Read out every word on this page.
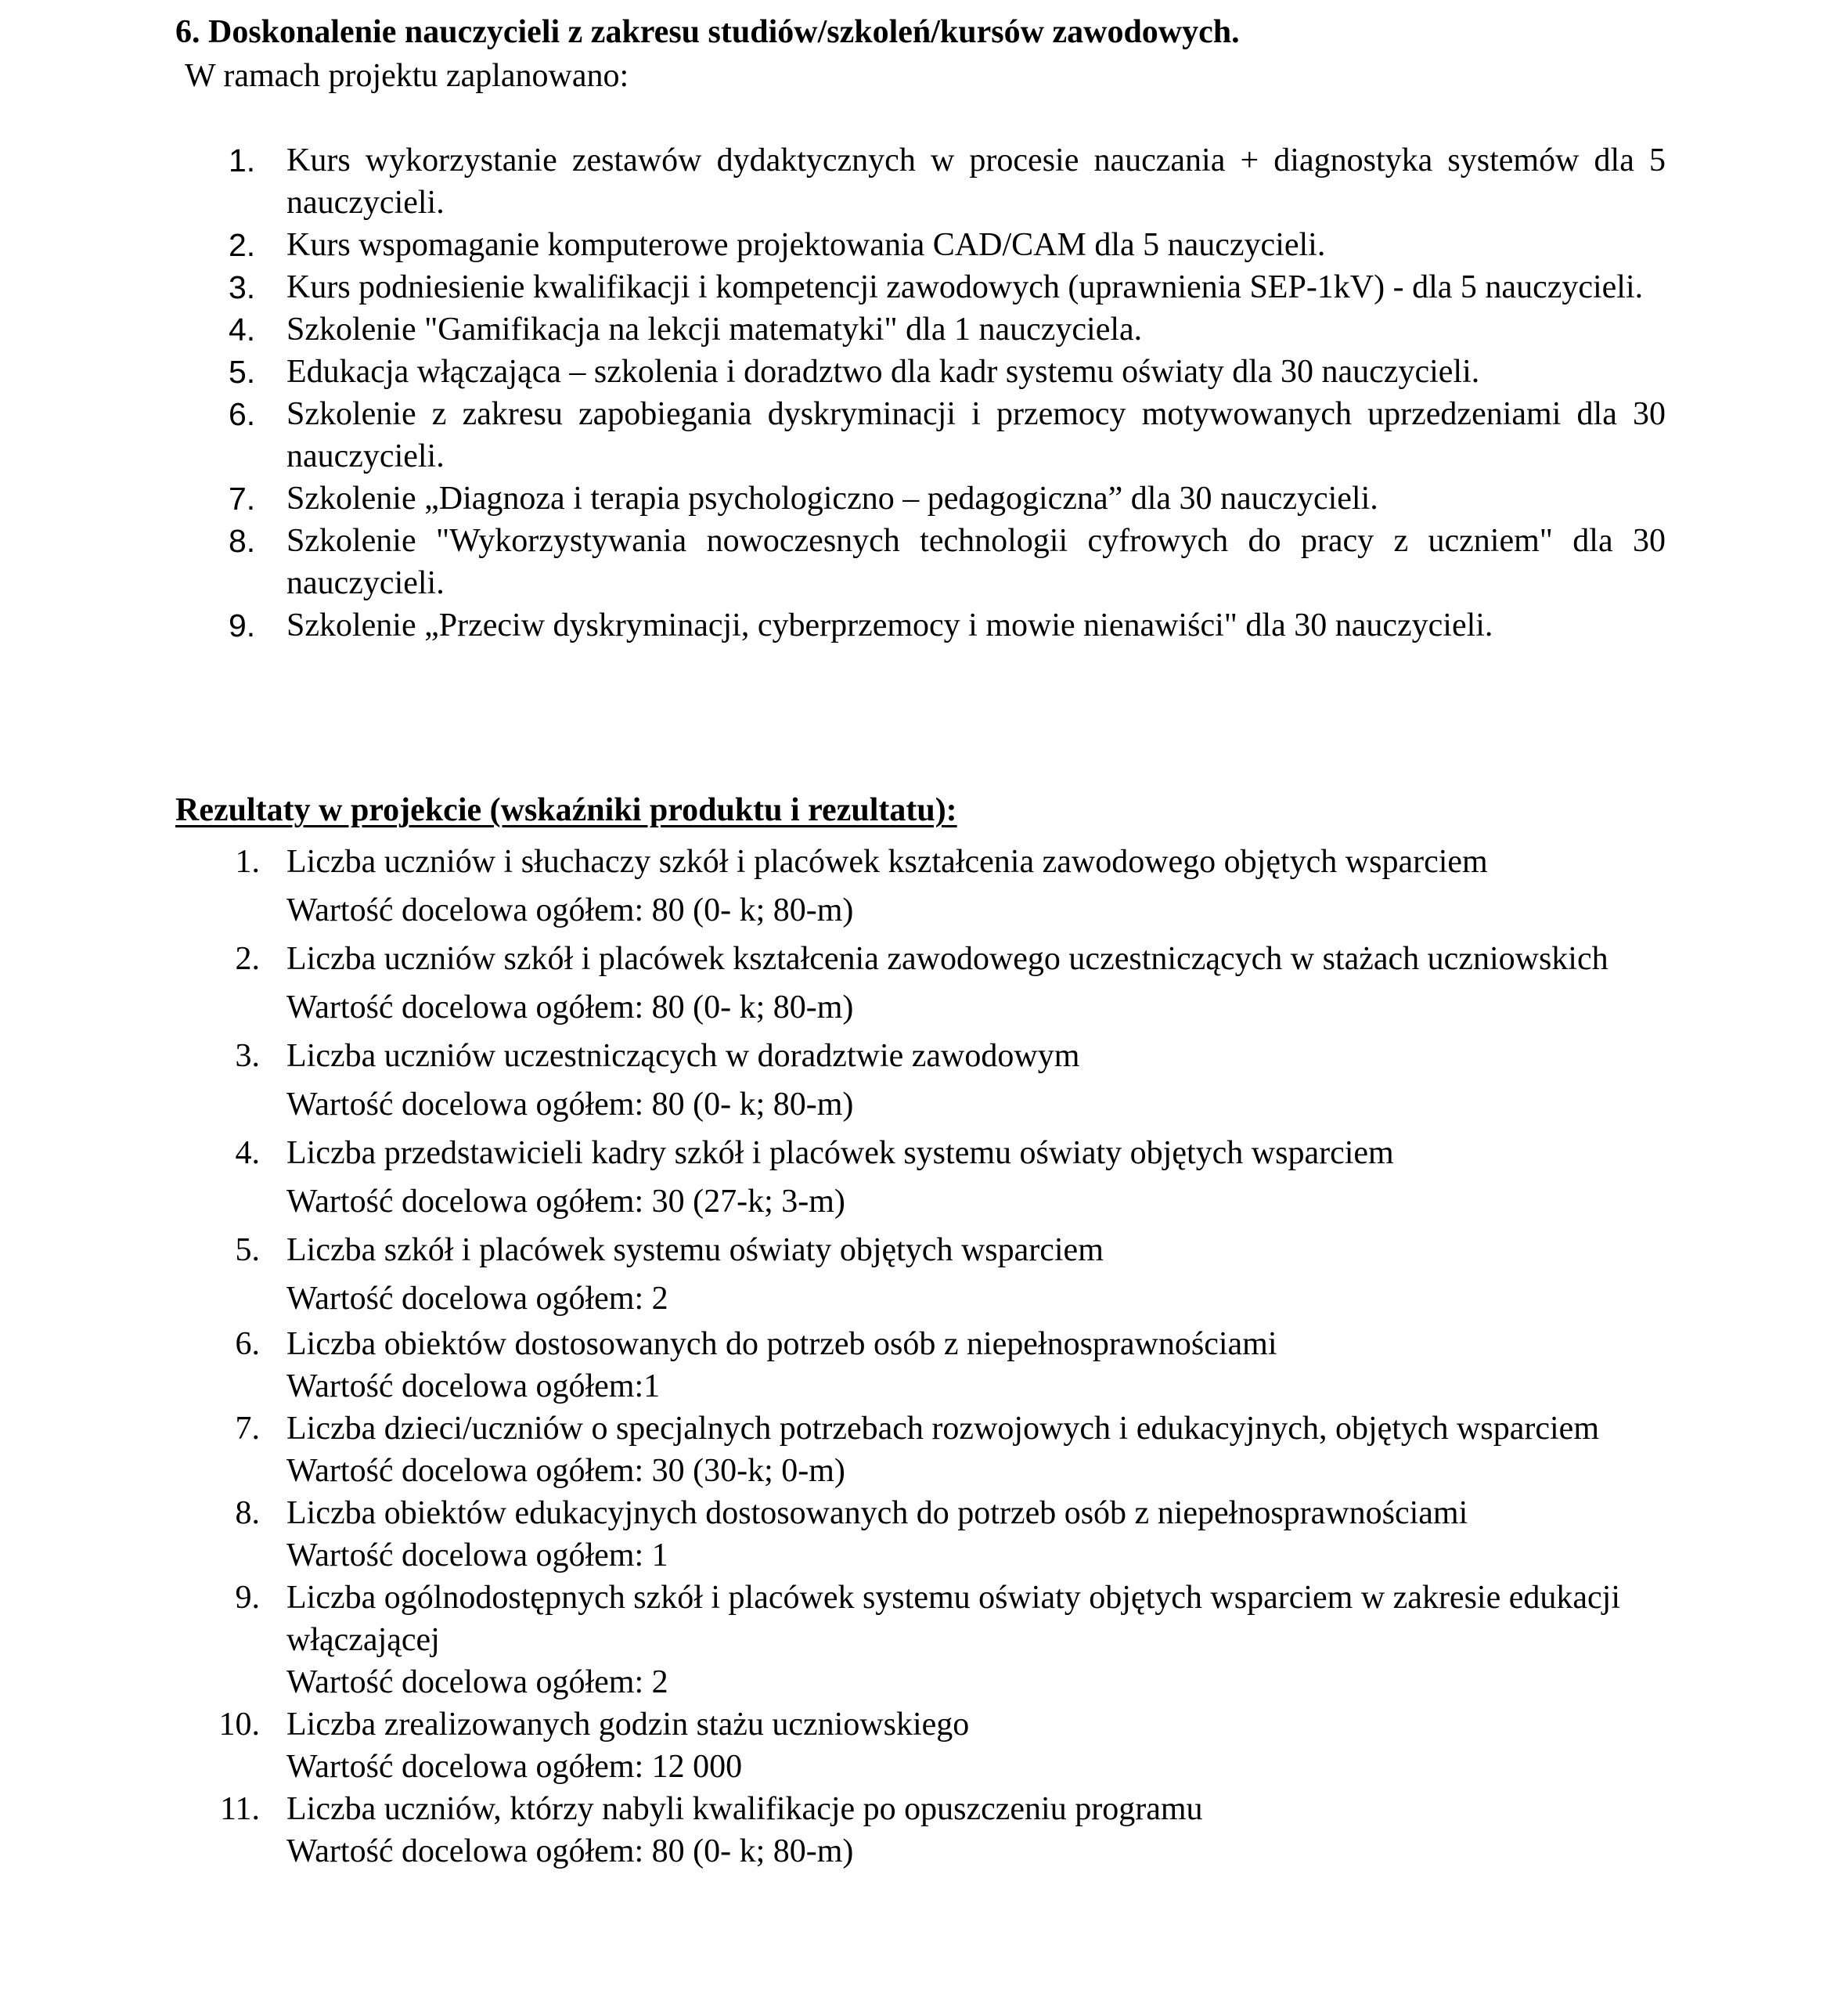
6. Doskonalenie nauczycieli z zakresu studiów/szkoleń/kursów zawodowych.
W ramach projektu zaplanowano:
1. Kurs wykorzystanie zestawów dydaktycznych w procesie nauczania + diagnostyka systemów dla 5 nauczycieli.
2. Kurs wspomaganie komputerowe projektowania CAD/CAM dla 5 nauczycieli.
3. Kurs podniesienie kwalifikacji i kompetencji zawodowych (uprawnienia SEP-1kV) - dla 5 nauczycieli.
4. Szkolenie "Gamifikacja na lekcji matematyki" dla 1 nauczyciela.
5. Edukacja włączająca – szkolenia i doradztwo dla kadr systemu oświaty dla 30 nauczycieli.
6. Szkolenie z zakresu zapobiegania dyskryminacji i przemocy motywowanych uprzedzeniami dla 30 nauczycieli.
7. Szkolenie „Diagnoza i terapia psychologiczno – pedagogiczna” dla 30 nauczycieli.
8. Szkolenie "Wykorzystywania nowoczesnych technologii cyfrowych do pracy z uczniem" dla 30 nauczycieli.
9. Szkolenie „Przeciw dyskryminacji, cyberprzemocy i mowie nienawiści" dla 30 nauczycieli.
Rezultaty w projekcie (wskaźniki produktu i rezultatu):
1. Liczba uczniów i słuchaczy szkół i placówek kształcenia zawodowego objętych wsparciem
Wartość docelowa ogółem: 80 (0- k; 80-m)
2. Liczba uczniów szkół i placówek kształcenia zawodowego uczestniczących w stażach uczniowskich
Wartość docelowa ogółem: 80 (0- k; 80-m)
3. Liczba uczniów uczestniczących w doradztwie zawodowym
Wartość docelowa ogółem: 80 (0- k; 80-m)
4. Liczba przedstawicieli kadry szkół i placówek systemu oświaty objętych wsparciem
Wartość docelowa ogółem: 30 (27-k; 3-m)
5. Liczba szkół i placówek systemu oświaty objętych wsparciem
Wartość docelowa ogółem: 2
6. Liczba obiektów dostosowanych do potrzeb osób z niepełnosprawnościami
Wartość docelowa ogółem:1
7. Liczba dzieci/uczniów o specjalnych potrzebach rozwojowych i edukacyjnych, objętych wsparciem
Wartość docelowa ogółem: 30 (30-k; 0-m)
8. Liczba obiektów edukacyjnych dostosowanych do potrzeb osób z niepełnosprawnościami
Wartość docelowa ogółem: 1
9. Liczba ogólnodostępnych szkół i placówek systemu oświaty objętych wsparciem w zakresie edukacji włączającej
Wartość docelowa ogółem: 2
10. Liczba zrealizowanych godzin stażu uczniowskiego
Wartość docelowa ogółem: 12 000
11. Liczba uczniów, którzy nabyli kwalifikacje po opuszczeniu programu
Wartość docelowa ogółem: 80 (0- k; 80-m)
